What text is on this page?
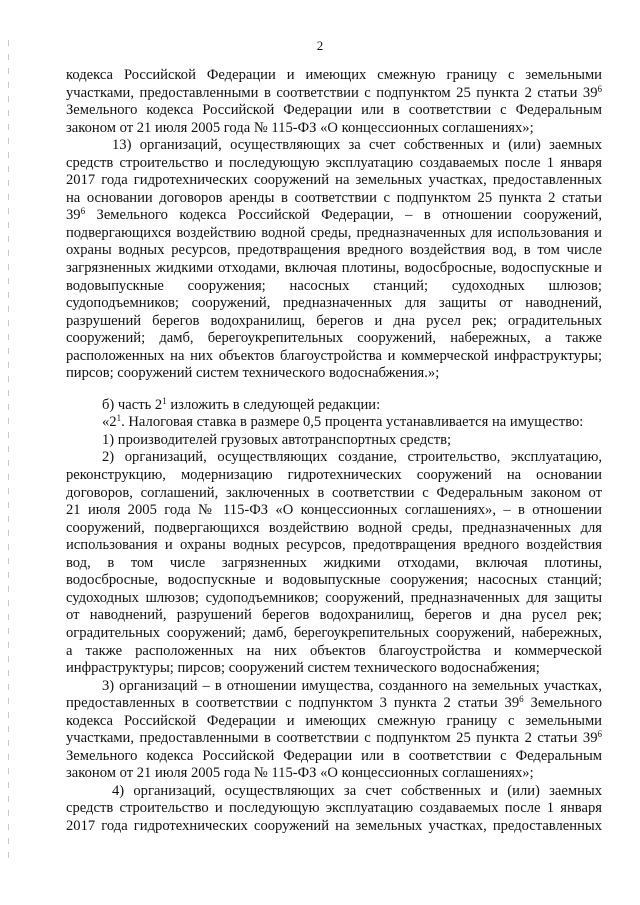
2
кодекса Российской Федерации и имеющих смежную границу с земельными
участками, предоставленными в соответствии с подпунктом 25 пункта 2 статьи $39^6$
Земельного кодекса Российской Федерации или в соответствии с Федеральным
законом от 21 июля 2005 года № 115-ФЗ «О концессионных соглашениях»;
13) организаций, осуществляющих за счет собственных и (или) заемных
средств строительство и последующую эксплуатацию создаваемых после 1 января
2017 года гидротехнических сооружений на земельных участках, предоставленных
на основании договоров аренды в соответствии с подпунктом 25 пункта 2 статьи
$39^6$ Земельного кодекса Российской Федерации, – в отношении сооружений,
подвергающихся воздействию водной среды, предназначенных для использования и
охраны водных ресурсов, предотвращения вредного воздействия вод, в том числе
загрязненных жидкими отходами, включая плотины, водосбросные, водоспускные и
водовыпускные сооружения; насосных станций; судоходных шлюзов;
судоподъемников; сооружений, предназначенных для защиты от наводнений,
разрушений берегов водохранилищ, берегов и дна русел рек; оградительных
сооружений; дамб, берегоукрепительных сооружений, набережных, а также
расположенных на них объектов благоустройства и коммерческой инфраструктуры;
пирсов; сооружений систем технического водоснабжения.»;
б) часть $2^1$ изложить в следующей редакции:
«$2^1$. Налоговая ставка в размере 0,5 процента устанавливается на имущество:
1) производителей грузовых автотранспортных средств;
2) организаций, осуществляющих создание, строительство, эксплуатацию,
реконструкцию, модернизацию гидротехнических сооружений на основании
договоров, соглашений, заключенных в соответствии с Федеральным законом от
21 июля 2005 года № 115-ФЗ «О концессионных соглашениях», – в отношении
сооружений, подвергающихся воздействию водной среды, предназначенных для
использования и охраны водных ресурсов, предотвращения вредного воздействия
вод, в том числе загрязненных жидкими отходами, включая плотины,
водосбросные, водоспускные и водовыпускные сооружения; насосных станций;
судоходных шлюзов; судоподъемников; сооружений, предназначенных для защиты
от наводнений, разрушений берегов водохранилищ, берегов и дна русел рек;
оградительных сооружений; дамб, берегоукрепительных сооружений, набережных,
а также расположенных на них объектов благоустройства и коммерческой
инфраструктуры; пирсов; сооружений систем технического водоснабжения;
3) организаций – в отношении имущества, созданного на земельных участках,
предоставленных в соответствии с подпунктом 3 пункта 2 статьи $39^6$ Земельного
кодекса Российской Федерации и имеющих смежную границу с земельными
участками, предоставленными в соответствии с подпунктом 25 пункта 2 статьи $39^6$
Земельного кодекса Российской Федерации или в соответствии с Федеральным
законом от 21 июля 2005 года № 115-ФЗ «О концессионных соглашениях»;
4) организаций, осуществляющих за счет собственных и (или) заемных
средств строительство и последующую эксплуатацию создаваемых после 1 января
2017 года гидротехнических сооружений на земельных участках, предоставленных
